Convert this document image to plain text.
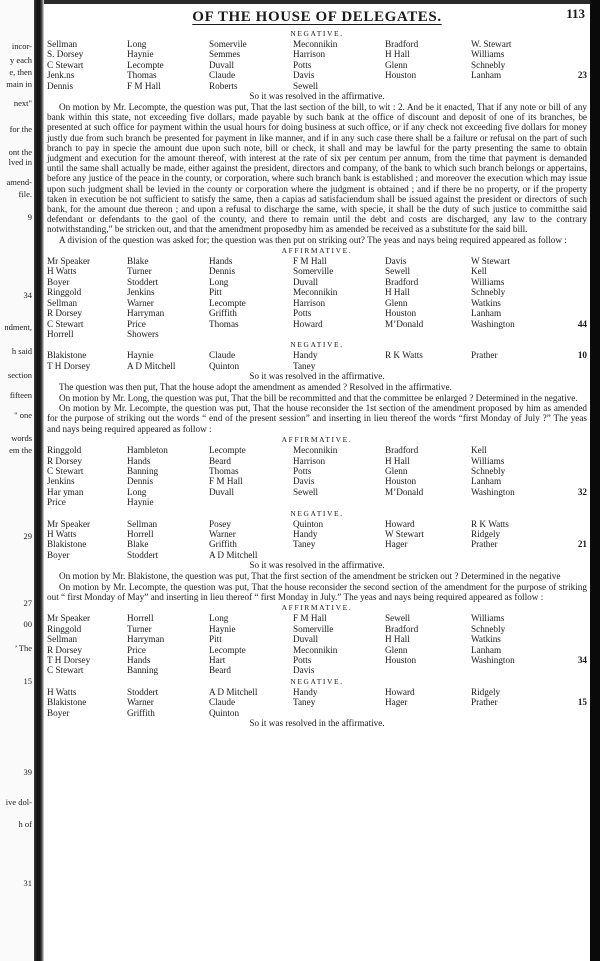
incor-
y each
e, then
main in
next"
for the
ont the
lved in
amend-
file.
9
34
ndment,
h said
section
fifteen
" one
words
em the
29
27
00
’ The
15
39
ive dol-
h of
31
OF THE HOUSE OF DELEGATES.	113
NEGATIVE.
Sellman	Long	Somervile	Meconnikin	Bradford	W. Stewart
S. Dorsey	Haynie	Semmes	Harrison	H Hall	Williams
C Stewart	Lecompte	Duvall	Potts	Glenn	Schnebly
Jenk.ns	Thomas	Claude	Davis	Houston	Lanham	23
Dennis	F M Hall	Roberts	Sewell
So it was resolved in the affirmative.

On motion by Mr. Lecompte, the question was put, That the last section of the bill, to wit : 2. And be it enacted, That if any note or bill of any bank within this state, not exceeding five dollars, made payable by such bank at the office of discount and deposit of one of its branches, be presented at such office for payment within the usual hours for doing business at such office, or if any check not exceeding five dollars for money justly due from such branch be presented for payment in like manner, and if in any such case there shall be a failure or refusal on the part of such branch to pay in specie the amount due upon such note, bill or check, it shall and may be lawful for the party presenting the same to obtain judgment and execution for the amount thereof, with interest at the rate of six per centum per annum, from the time that payment is demanded until the same shall actually be made, either against the president, directors and company, of the bank to which such branch belongs or appertains, before any justice of the peace in the county, or corporation, where such branch bank is established ; and moreover the execution which may issue upon such judgment shall be levied in the county or corporation where the judgment is obtained ; and if there be no property, or if the property taken in execution be not sufficient to satisfy the same, then a capias ad satisfaciendum shall be issued against the president or directors of such bank, for the amount due thereon ; and upon a refusal to discharge the same, with specie, it shall be the duty of such justice to committhe said defendant or defendants to the gaol of the county, and there to remain until the debt and costs are discharged, any law to the contrary notwithstanding,” be stricken out, and that the amendment proposedby him as amended be received as a substitute for the said bill.

A division of the question was asked for; the question was then put on striking out? The yeas and nays being required appeared as follow :

AFFIRMATIVE.
Mr Speaker	Blake	Hands	F M Hall	Davis	W Stewart
H Watts	Turner	Dennis	Somerville	Sewell	Kell
Boyer	Stoddert	Long	Duvall	Bradford	Williams
Ringgold	Jenkins	Pitt	Meconnikin	H Hall	Schnebly
Sellman	Warner	Lecompte	Harrison	Glenn	Watkins
R Dorsey	Harryman	Griffith	Potts	Houston	Lanham
C Stewart	Price	Thomas	Howard	M’Donald	Washington	44
Horrell	Showers
NEGATIVE.
Blakistone	Haynie	Claude	Handy	R K Watts	Prather	10
T H Dorsey	A D Mitchell	Quinton	Taney
So it was resolved in the affirmative.

The question was then put, That the house adopt the amendment as amended ? Resolved in the affirmative.

On motion by Mr. Long, the question was put, That the bill be recommitted and that the committee be enlarged ? Determined in the negative.

On motion by Mr. Lecompte, the question was put, That the house reconsider the 1st section of the amendment proposed by him as amended for the purpose of striking out the words “ end of the present session” and inserting in lieu thereof the words “first Monday of July ?” The yeas and nays being required appeared as follow :

AFFIRMATIVE.
Ringgold	Hambleton	Lecompte	Meconnikin	Bradford	Kell
R Dorsey	Hands	Beard	Harrison	H Hall	Williams
C Stewart	Banning	Thomas	Potts	Glenn	Schnebly
Jenkins	Dennis	F M Hall	Davis	Houston	Lanham
Har yman	Long	Duvall	Sewell	M’Donald	Washington	32
Price	Haynie
NEGATIVE.
Mr Speaker	Sellman	Posey	Quinton	Howard	R K Watts
H Watts	Horrell	Warner	Handy	W Stewart	Ridgely
Blakistone	Blake	Griffith	Taney	Hager	Prather	21
Boyer	Stoddert	A D Mitchell
So it was resolved in the affirmative.

On motion by Mr. Blakistone, the question was put, That the first section of the amendment be stricken out ? Determined in the negative

On motion by Mr. Lecompte, the question was put, That the house reconsider the second section of the amendment for the purpose of striking out “ first Monday of May” and inserting in lieu thereof “ first Monday in July.” The yeas and nays being required appeared as follow :

AFFIRMATIVE.
Mr Speaker	Horrell	Long	F M Hall	Sewell	Williams
Ringgold	Turner	Haynie	Somerville	Bradford	Schnebly
Sellman	Harryman	Pitt	Duvall	H Hall	Watkins
R Dorsey	Price	Lecompte	Meconnikin	Glenn	Lanham
T H Dorsey	Hands	Hart	Potts	Houston	Washington	34
C Stewart	Banning	Beard	Davis
NEGATIVE.
H Watts	Stoddert	A D Mitchell	Handy	Howard	Ridgely
Blakistone	Warner	Claude	Taney	Hager	Prather	15
Boyer	Griffith	Quinton
So it was resolved in the affirmative.
